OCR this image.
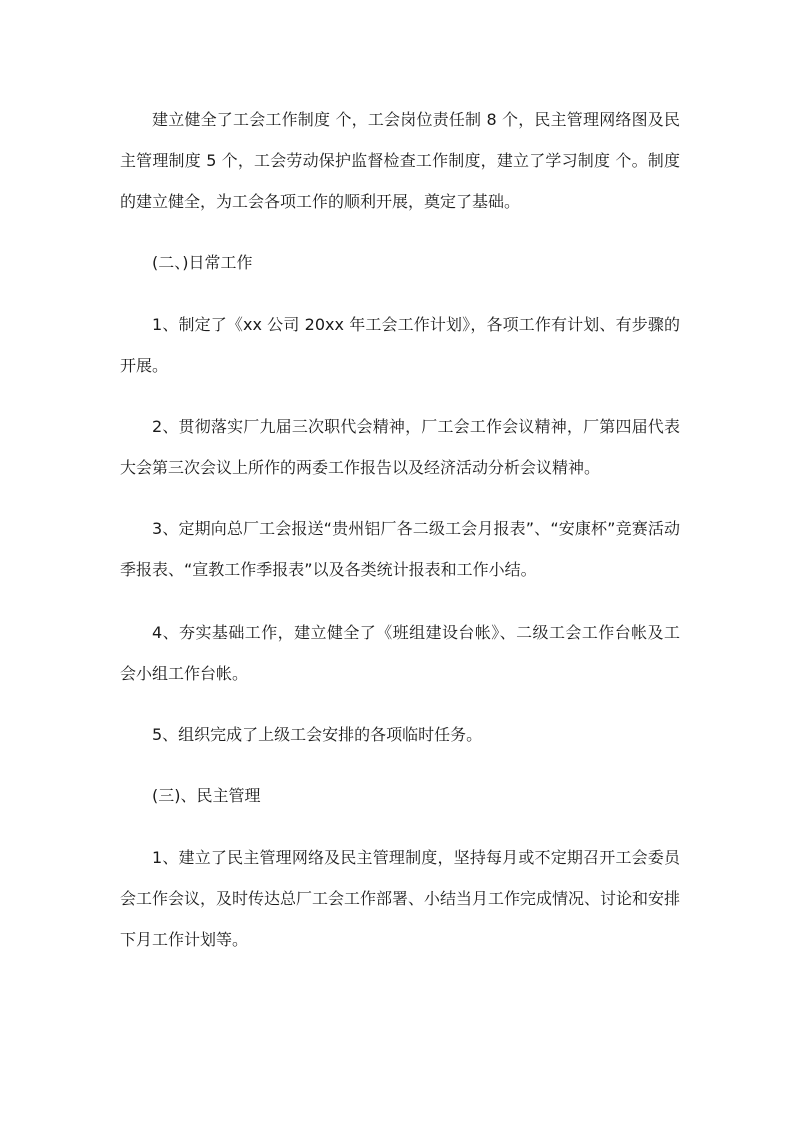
建立健全了工会工作制度 个，工会岗位责任制 8 个，民主管理网络图及民主管理制度 5 个，工会劳动保护监督检查工作制度，建立了学习制度 个。制度的建立健全，为工会各项工作的顺利开展，奠定了基础。

(二、)日常工作

1、制定了《xx 公司 20xx 年工会工作计划》，各项工作有计划、有步骤的开展。

2、贯彻落实厂九届三次职代会精神，厂工会工作会议精神，厂第四届代表大会第三次会议上所作的两委工作报告以及经济活动分析会议精神。

3、定期向总厂工会报送“贵州铝厂各二级工会月报表”、“安康杯”竞赛活动季报表、“宣教工作季报表”以及各类统计报表和工作小结。

4、夯实基础工作，建立健全了《班组建设台帐》、二级工会工作台帐及工会小组工作台帐。

5、组织完成了上级工会安排的各项临时任务。

(三)、民主管理

1、建立了民主管理网络及民主管理制度，坚持每月或不定期召开工会委员会工作会议，及时传达总厂工会工作部署、小结当月工作完成情况、讨论和安排下月工作计划等。
